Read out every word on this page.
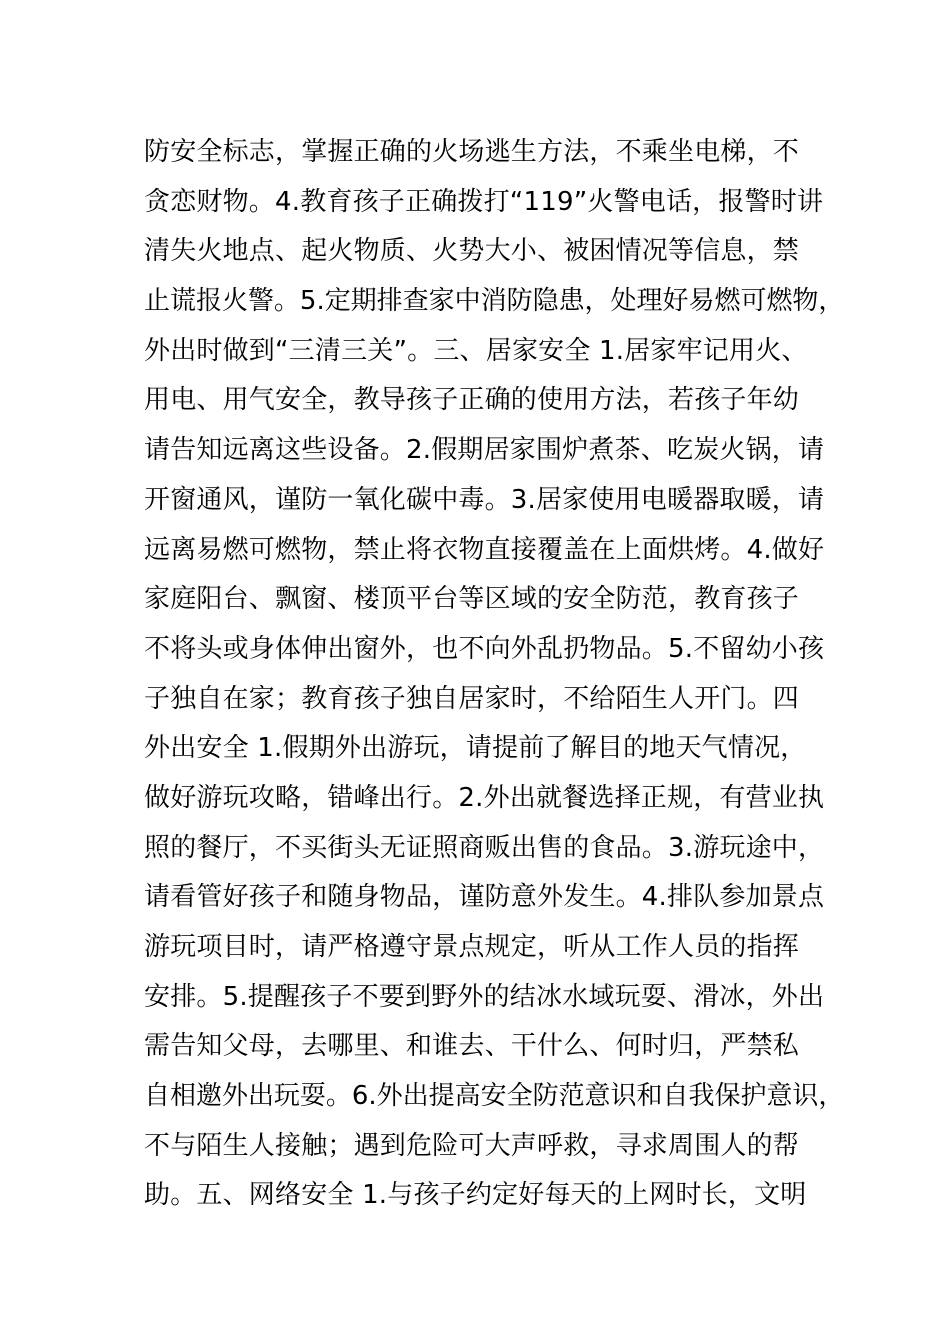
防安全标志，掌握正确的火场逃生方法，不乘坐电梯，不
贪恋财物。4.教育孩子正确拨打“119”火警电话，报警时讲
清失火地点、起火物质、火势大小、被困情况等信息，禁
止谎报火警。5.定期排查家中消防隐患，处理好易燃可燃物，
外出时做到“三清三关”。三、居家安全 1.居家牢记用火、
用电、用气安全，教导孩子正确的使用方法，若孩子年幼
请告知远离这些设备。2.假期居家围炉煮茶、吃炭火锅，请
开窗通风，谨防一氧化碳中毒。3.居家使用电暖器取暖，请
远离易燃可燃物，禁止将衣物直接覆盖在上面烘烤。4.做好
家庭阳台、飘窗、楼顶平台等区域的安全防范，教育孩子
不将头或身体伸出窗外，也不向外乱扔物品。5.不留幼小孩
子独自在家；教育孩子独自居家时，不给陌生人开门。四
外出安全 1.假期外出游玩，请提前了解目的地天气情况，
做好游玩攻略，错峰出行。2.外出就餐选择正规，有营业执
照的餐厅，不买街头无证照商贩出售的食品。3.游玩途中，
请看管好孩子和随身物品，谨防意外发生。4.排队参加景点
游玩项目时，请严格遵守景点规定，听从工作人员的指挥
安排。5.提醒孩子不要到野外的结冰水域玩耍、滑冰，外出
需告知父母，去哪里、和谁去、干什么、何时归，严禁私
自相邀外出玩耍。6.外出提高安全防范意识和自我保护意识，
不与陌生人接触；遇到危险可大声呼救，寻求周围人的帮
助。五、网络安全 1.与孩子约定好每天的上网时长，文明
